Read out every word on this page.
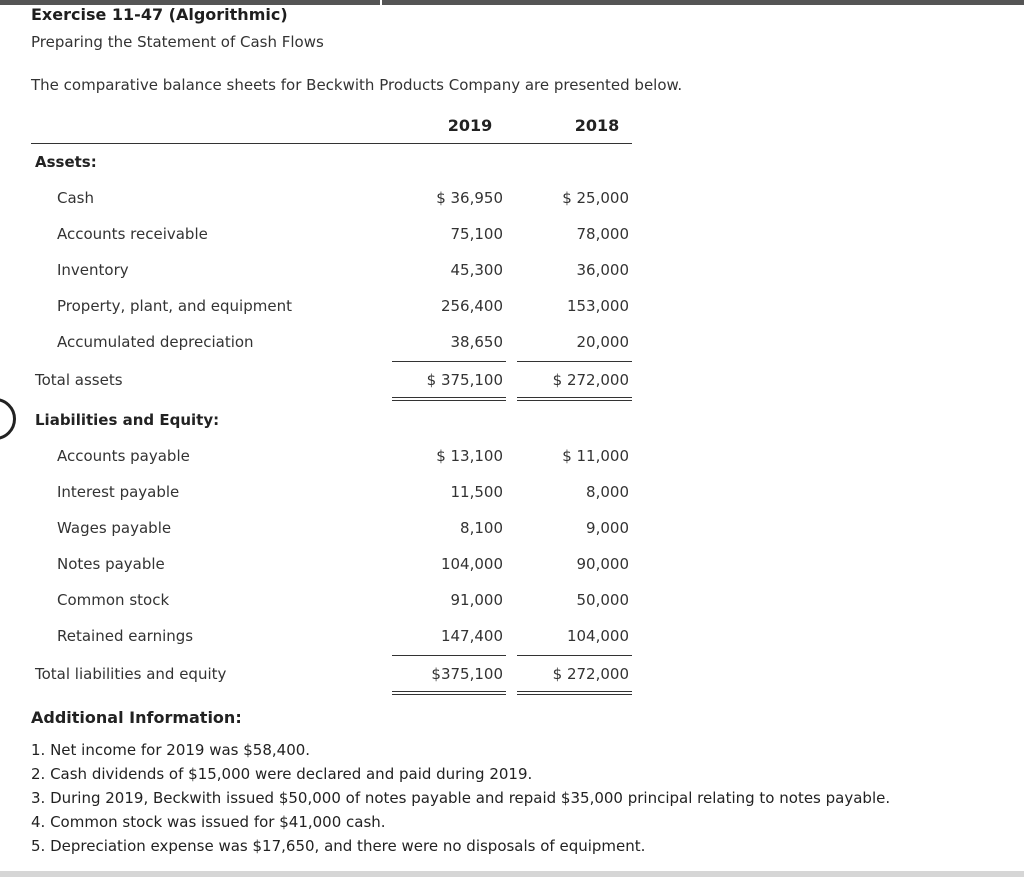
Exercise 11-47 (Algorithmic)
Preparing the Statement of Cash Flows
The comparative balance sheets for Beckwith Products Company are presented below.
2019	2018
Assets:
Cash	$ 36,950	$ 25,000
Accounts receivable	75,100	78,000
Inventory	45,300	36,000
Property, plant, and equipment	256,400	153,000
Accumulated depreciation	38,650	20,000
Total assets	$ 375,100	$ 272,000
Liabilities and Equity:
Accounts payable	$ 13,100	$ 11,000
Interest payable	11,500	8,000
Wages payable	8,100	9,000
Notes payable	104,000	90,000
Common stock	91,000	50,000
Retained earnings	147,400	104,000
Total liabilities and equity	$375,100	$ 272,000
Additional Information:
1. Net income for 2019 was $58,400.
2. Cash dividends of $15,000 were declared and paid during 2019.
3. During 2019, Beckwith issued $50,000 of notes payable and repaid $35,000 principal relating to notes payable.
4. Common stock was issued for $41,000 cash.
5. Depreciation expense was $17,650, and there were no disposals of equipment.
